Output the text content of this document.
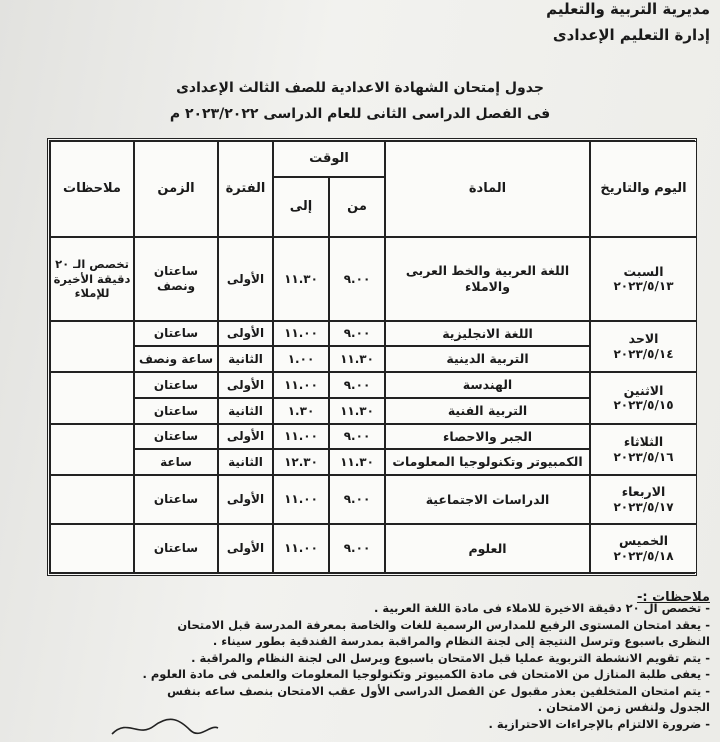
مديرية التربية والتعليم
إدارة التعليم الإعدادى
جدول إمتحان الشهادة الاعدادية للصف الثالث الإعدادى
فى الفصل الدراسى الثانى للعام الدراسى ٢٠٢٣/٢٠٢٢ م
اليوم والتاريخ
المادة
الوقت
من
إلى
الفترة
الزمن
ملاحظات
السبت
٢٠٢٣/٥/١٣
الاحد
٢٠٢٣/٥/١٤
الاثنين
٢٠٢٣/٥/١٥
الثلاثاء
٢٠٢٣/٥/١٦
الاربعاء
٢٠٢٣/٥/١٧
الخميس
٢٠٢٣/٥/١٨
اللغة العربية والخط العربى والاملاء
٩.٠٠
١١.٣٠
الأولى
ساعتان ونصف
تخصص الـ ٢٠ دقيقة الأخيرة للإملاء
اللغة الانجليزية
٩.٠٠
١١.٠٠
الأولى
ساعتان
التربية الدينية
١١.٣٠
١.٠٠
الثانية
ساعة ونصف
الهندسة
٩.٠٠
١١.٠٠
الأولى
ساعتان
التربية الفنية
١١.٣٠
١.٣٠
الثانية
ساعتان
الجبر والاحصاء
٩.٠٠
١١.٠٠
الأولى
ساعتان
الكمبيوتر وتكنولوجيا المعلومات
١١.٣٠
١٢.٣٠
الثانية
ساعة
الدراسات الاجتماعية
٩.٠٠
١١.٠٠
الأولى
ساعتان
العلوم
٩.٠٠
١١.٠٠
الأولى
ساعتان
ملاحظات :-
- تخصص ال ٢٠ دقيقة الاخيرة للاملاء فى مادة اللغة العربية .
- يعقد امتحان المستوى الرفيع للمدارس الرسمية للغات والخاصة بمعرفة المدرسة قبل الامتحان
النظرى باسبوع وترسل النتيجة إلى لجنة النظام والمراقبة بمدرسة الفندقية بطور سيناء .
- يتم تقويم الانشطة التربوية عمليا قبل الامتحان باسبوع ويرسل الى لجنة النظام والمراقبة .
- يعفى طلبة المنازل من الامتحان فى مادة الكمبيوتر وتكنولوجيا المعلومات والعلمى فى مادة العلوم .
- يتم امتحان المتخلفين بعذر مقبول عن الفصل الدراسى الأول عقب الامتحان بنصف ساعه بنفس
الجدول ولنفس زمن الامتحان .
- ضرورة الالتزام بالإجراءات الاحترازية .
